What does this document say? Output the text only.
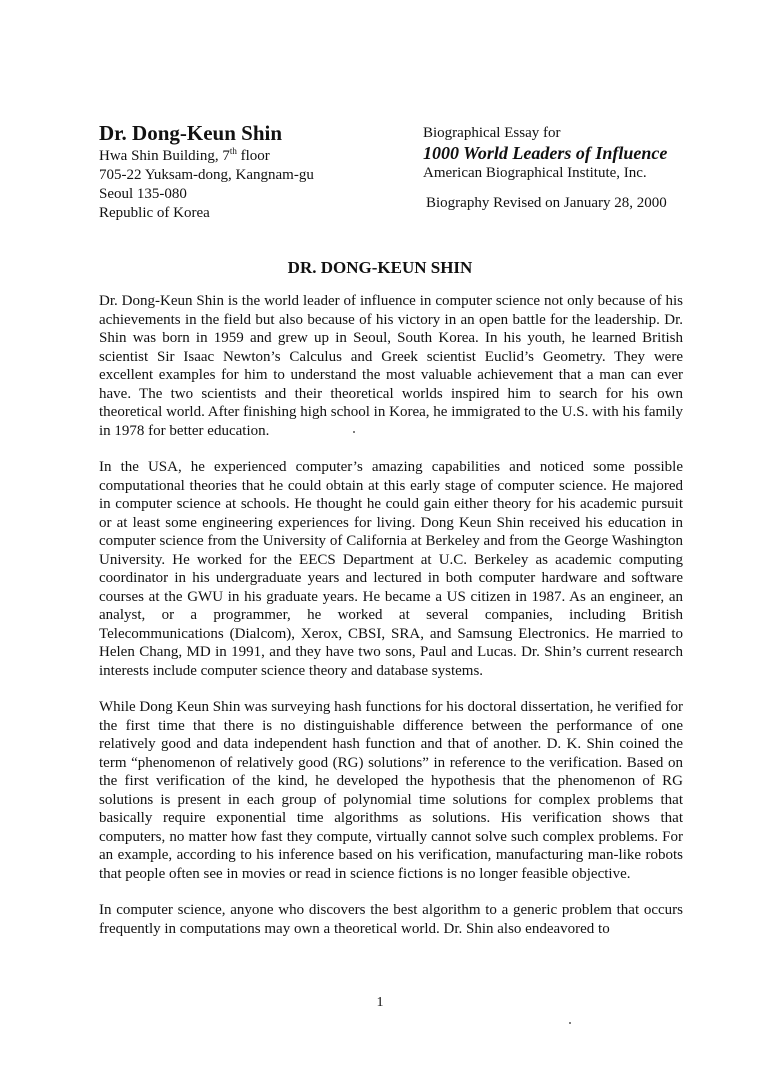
Dr. Dong-Keun Shin
Hwa Shin Building, 7th floor
705-22 Yuksam-dong, Kangnam-gu
Seoul 135-080
Republic of Korea
Biographical Essay for
1000 World Leaders of Influence
American Biographical Institute, Inc.
Biography Revised on January 28, 2000
DR. DONG-KEUN SHIN

Dr. Dong-Keun Shin is the world leader of influence in computer science not only because of his achievements in the field but also because of his victory in an open battle for the leadership. Dr. Shin was born in 1959 and grew up in Seoul, South Korea. In his youth, he learned British scientist Sir Isaac Newton’s Calculus and Greek scientist Euclid’s Geometry. They were excellent examples for him to understand the most valuable achievement that a man can ever have. The two scientists and their theoretical worlds inspired him to search for his own theoretical world. After finishing high school in Korea, he immigrated to the U.S. with his family in 1978 for better education.

In the USA, he experienced computer’s amazing capabilities and noticed some possible computational theories that he could obtain at this early stage of computer science. He majored in computer science at schools. He thought he could gain either theory for his academic pursuit or at least some engineering experiences for living. Dong Keun Shin received his education in computer science from the University of California at Berkeley and from the George Washington University. He worked for the EECS Department at U.C. Berkeley as academic computing coordinator in his undergraduate years and lectured in both computer hardware and software courses at the GWU in his graduate years. He became a US citizen in 1987. As an engineer, an analyst, or a programmer, he worked at several companies, including British Telecommunications (Dialcom), Xerox, CBSI, SRA, and Samsung Electronics. He married to Helen Chang, MD in 1991, and they have two sons, Paul and Lucas. Dr. Shin’s current research interests include computer science theory and database systems.

While Dong Keun Shin was surveying hash functions for his doctoral dissertation, he verified for the first time that there is no distinguishable difference between the performance of one relatively good and data independent hash function and that of another. D. K. Shin coined the term “phenomenon of relatively good (RG) solutions” in reference to the verification. Based on the first verification of the kind, he developed the hypothesis that the phenomenon of RG solutions is present in each group of polynomial time solutions for complex problems that basically require exponential time algorithms as solutions. His verification shows that computers, no matter how fast they compute, virtually cannot solve such complex problems. For an example, according to his inference based on his verification, manufacturing man-like robots that people often see in movies or read in science fictions is no longer feasible objective.

In computer science, anyone who discovers the best algorithm to a generic problem that occurs frequently in computations may own a theoretical world. Dr. Shin also endeavored to

1
